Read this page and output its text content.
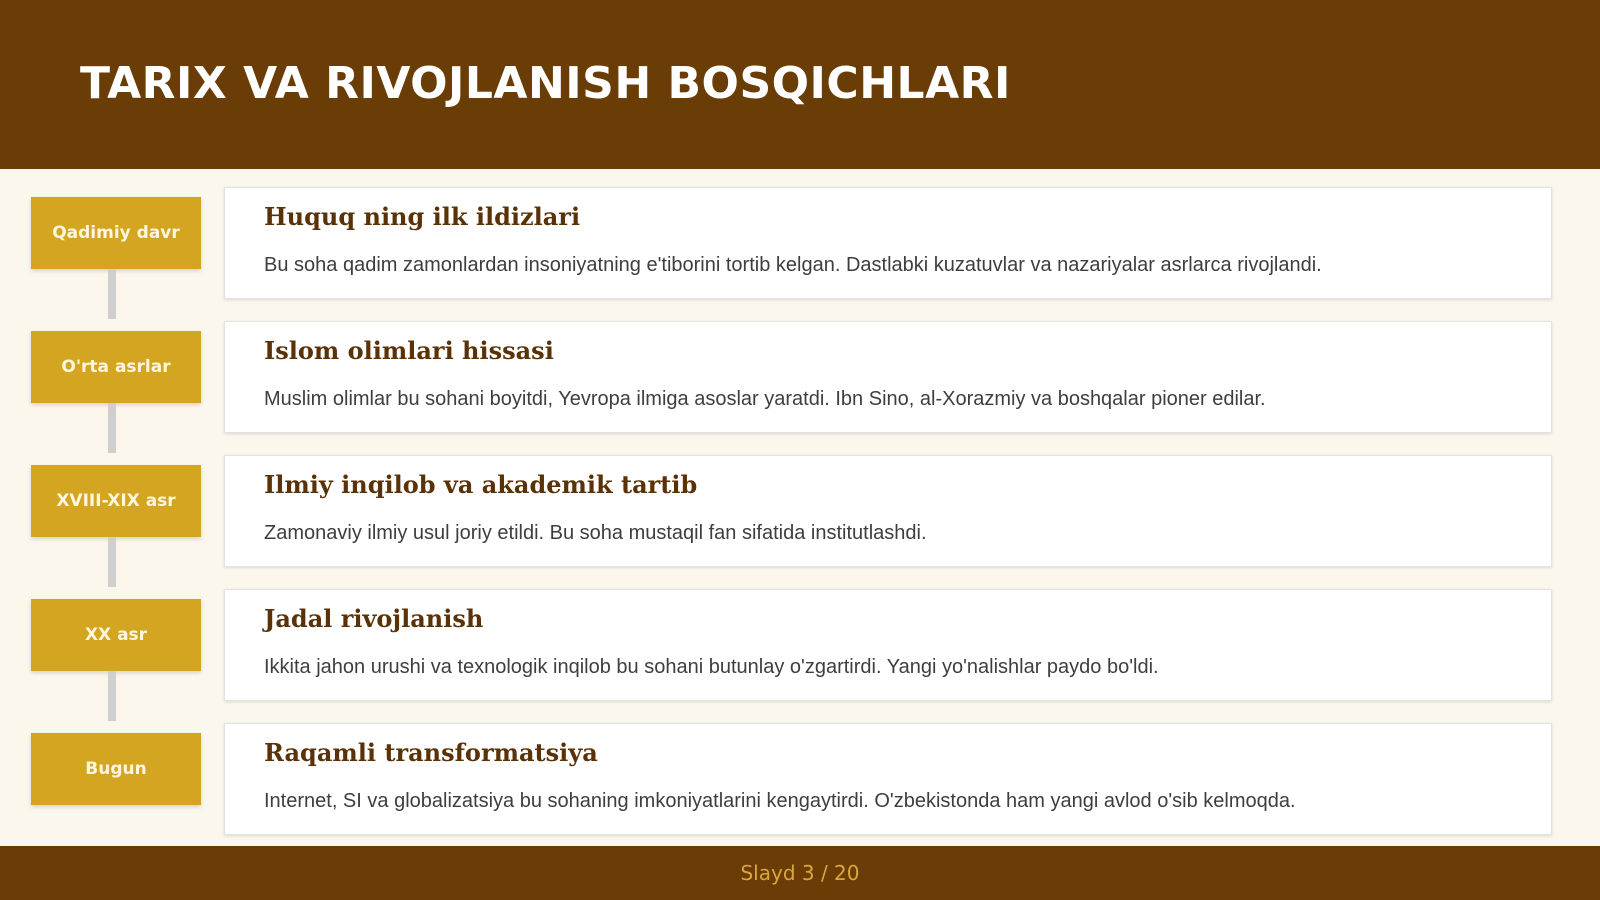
TARIX VA RIVOJLANISH BOSQICHLARI
Qadimiy davr
Huquq ning ilk ildizlari

Bu soha qadim zamonlardan insoniyatning e'tiborini tortib kelgan. Dastlabki kuzatuvlar va nazariyalar asrlarca rivojlandi.

O'rta asrlar
Islom olimlari hissasi

Muslim olimlar bu sohani boyitdi, Yevropa ilmiga asoslar yaratdi. Ibn Sino, al-Xorazmiy va boshqalar pioner edilar.

XVIII-XIX asr
Ilmiy inqilob va akademik tartib

Zamonaviy ilmiy usul joriy etildi. Bu soha mustaqil fan sifatida institutlashdi.

XX asr
Jadal rivojlanish

Ikkita jahon urushi va texnologik inqilob bu sohani butunlay o'zgartirdi. Yangi yo'nalishlar paydo bo'ldi.

Bugun
Raqamli transformatsiya

Internet, SI va globalizatsiya bu sohaning imkoniyatlarini kengaytirdi. O'zbekistonda ham yangi avlod o'sib kelmoqda.

Slayd 3 / 20
